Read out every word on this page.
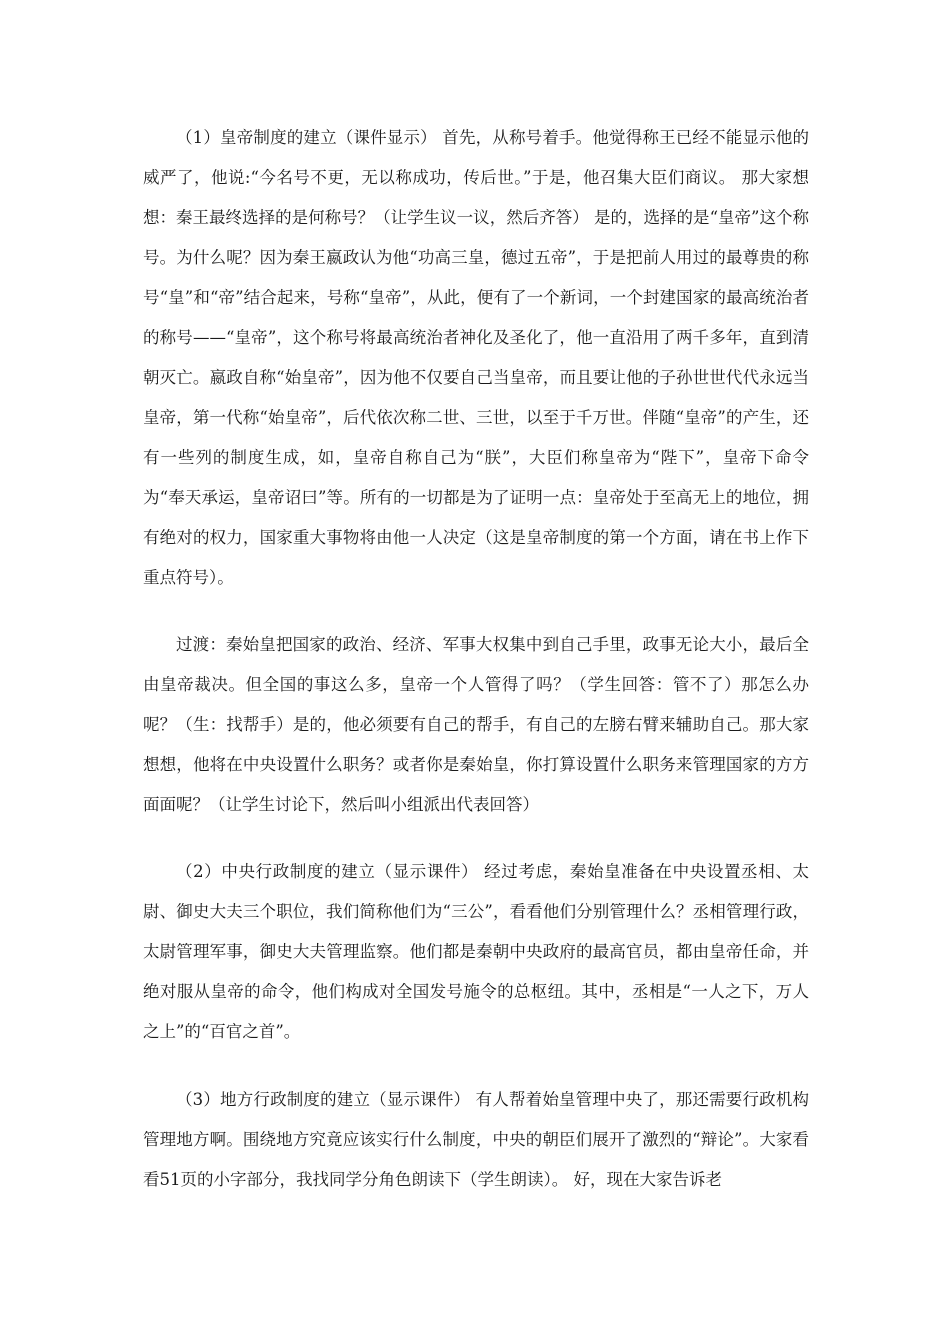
（1）皇帝制度的建立（课件显示） 首先，从称号着手。他觉得称王已经不能显示他的威严了，他说:“今名号不更，无以称成功，传后世。”于是，他召集大臣们商议。 那大家想想：秦王最终选择的是何称号？（让学生议一议，然后齐答） 是的，选择的是“皇帝”这个称号。为什么呢？因为秦王嬴政认为他“功高三皇，德过五帝”，于是把前人用过的最尊贵的称号“皇”和“帝”结合起来，号称“皇帝”，从此，便有了一个新词，一个封建国家的最高统治者的称号——“皇帝”，这个称号将最高统治者神化及圣化了，他一直沿用了两千多年，直到清朝灭亡。嬴政自称“始皇帝”，因为他不仅要自己当皇帝，而且要让他的子孙世世代代永远当皇帝，第一代称“始皇帝”，后代依次称二世、三世，以至于千万世。伴随“皇帝”的产生，还有一些列的制度生成，如，皇帝自称自己为“朕”，大臣们称皇帝为“陛下”，皇帝下命令为“奉天承运，皇帝诏曰”等。所有的一切都是为了证明一点：皇帝处于至高无上的地位，拥有绝对的权力，国家重大事物将由他一人决定（这是皇帝制度的第一个方面，请在书上作下重点符号）。

过渡：秦始皇把国家的政治、经济、军事大权集中到自己手里，政事无论大小，最后全由皇帝裁决。但全国的事这么多，皇帝一个人管得了吗？（学生回答：管不了）那怎么办呢？（生：找帮手）是的，他必须要有自己的帮手，有自己的左膀右臂来辅助自己。那大家想想，他将在中央设置什么职务？或者你是秦始皇，你打算设置什么职务来管理国家的方方面面呢？（让学生讨论下，然后叫小组派出代表回答）

（2）中央行政制度的建立（显示课件） 经过考虑，秦始皇准备在中央设置丞相、太尉、御史大夫三个职位，我们简称他们为“三公”，看看他们分别管理什么？丞相管理行政，太尉管理军事，御史大夫管理监察。他们都是秦朝中央政府的最高官员，都由皇帝任命，并绝对服从皇帝的命令，他们构成对全国发号施令的总枢纽。其中，丞相是“一人之下，万人之上”的“百官之首”。

（3）地方行政制度的建立（显示课件） 有人帮着始皇管理中央了，那还需要行政机构管理地方啊。围绕地方究竟应该实行什么制度，中央的朝臣们展开了激烈的“辩论”。大家看看51页的小字部分，我找同学分角色朗读下（学生朗读）。 好，现在大家告诉老
